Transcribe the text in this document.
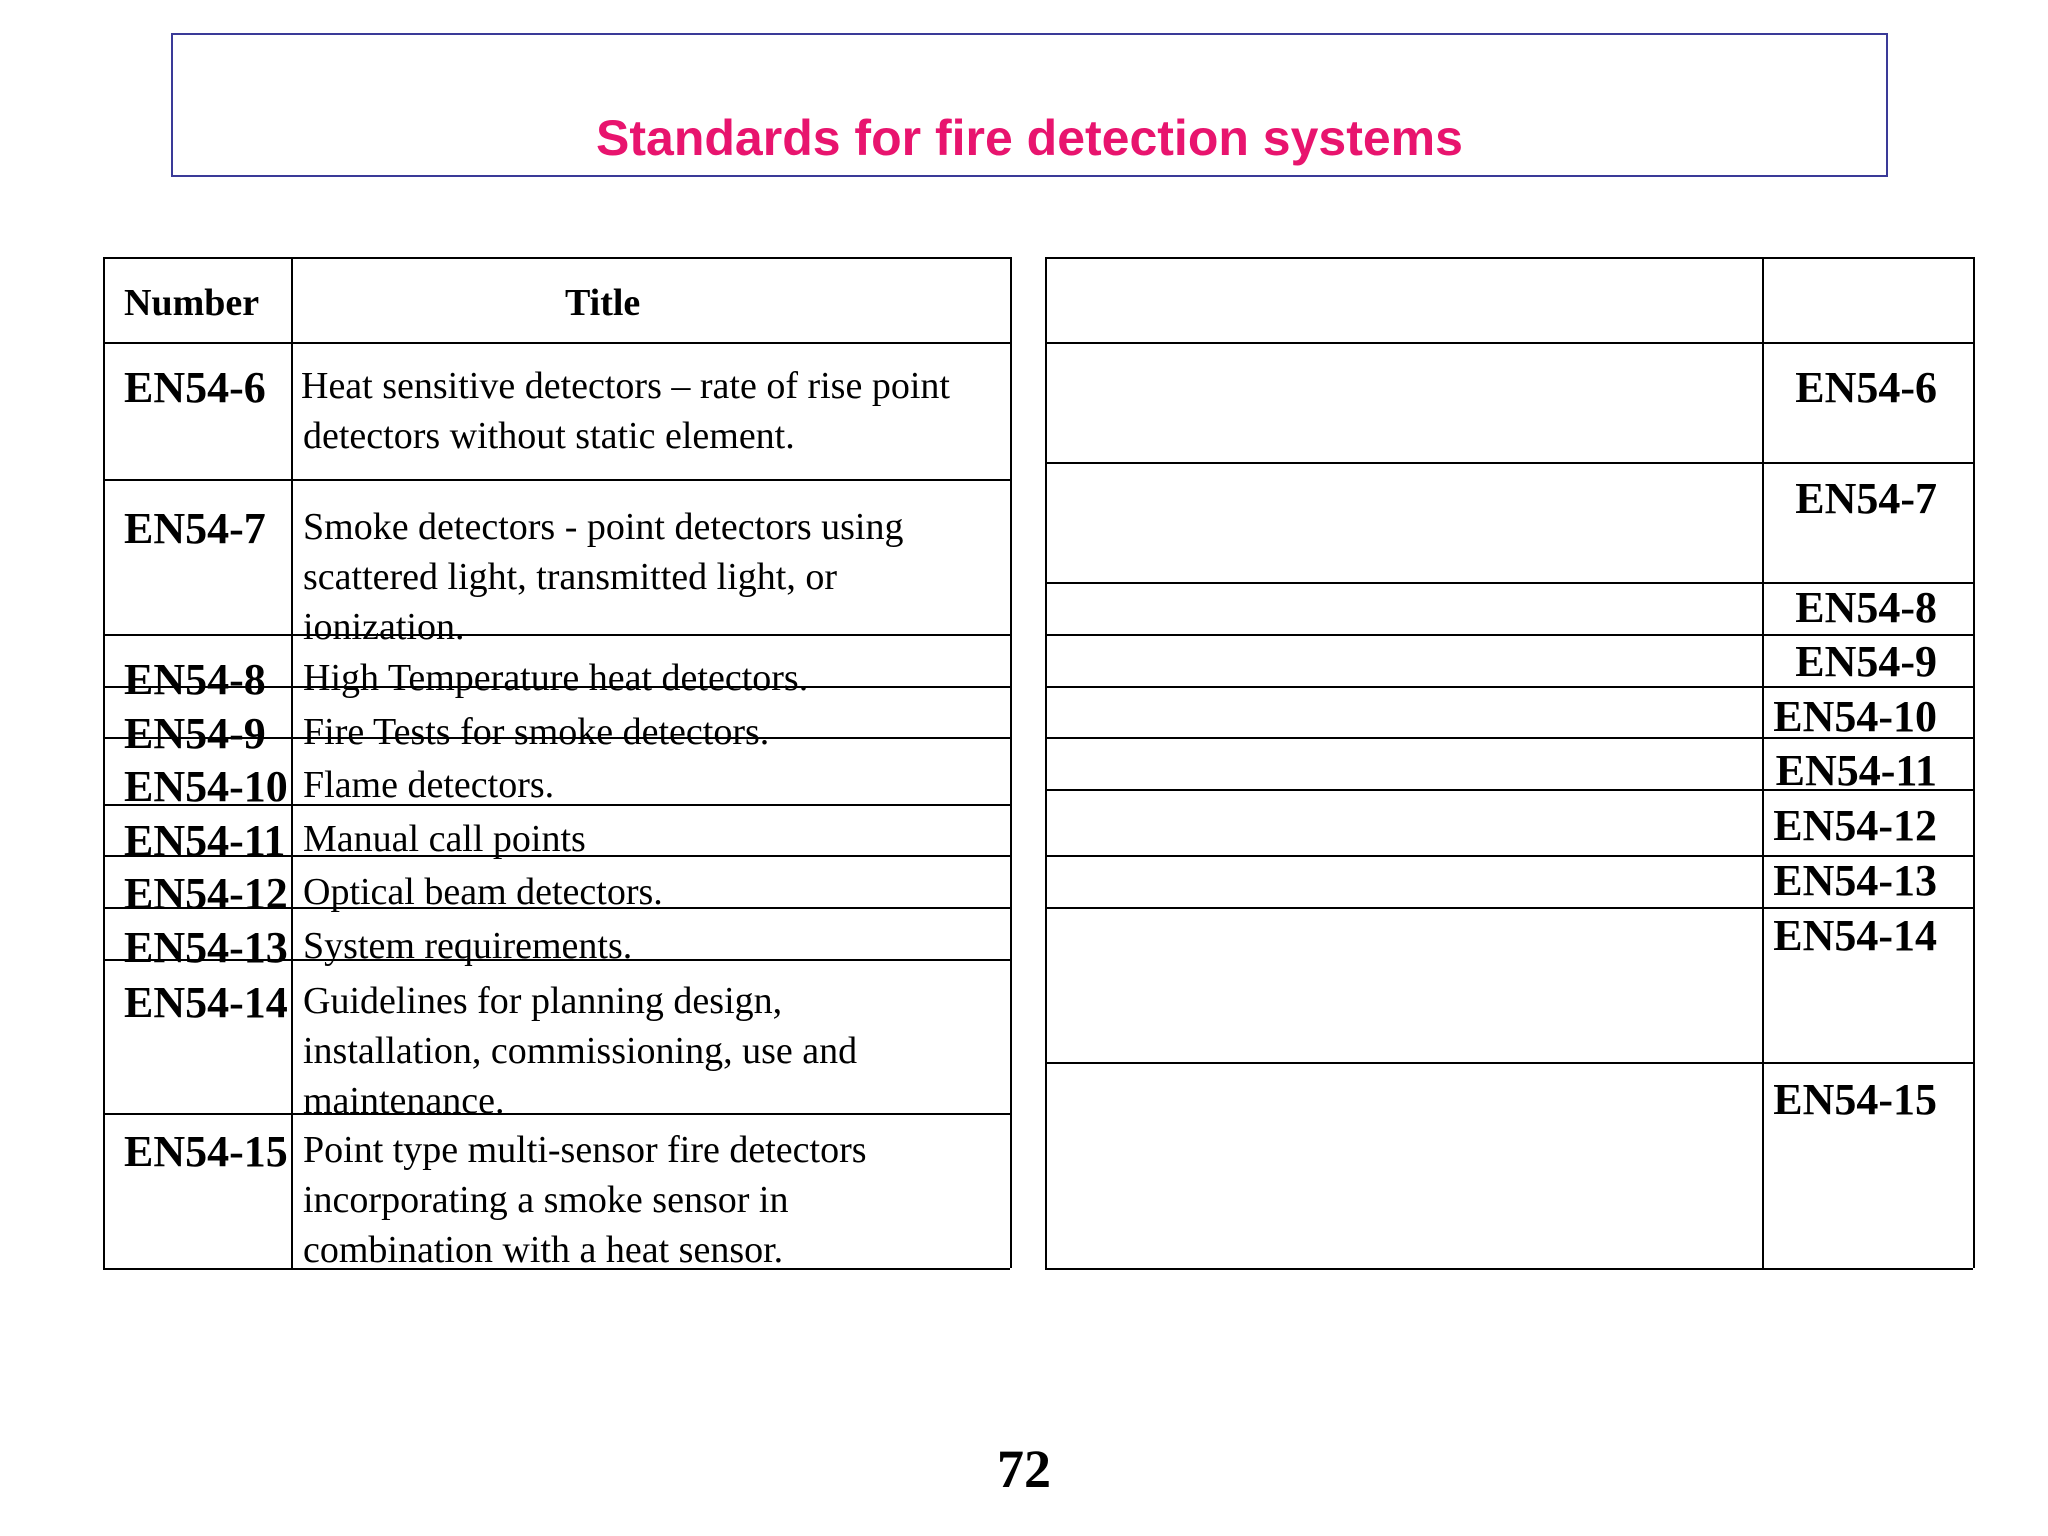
Standards for fire detection systems
Number	Title
EN54-6 Heat sensitive detectors – rate of rise point
detectors without static element.
EN54-7 Smoke detectors - point detectors using
scattered light, transmitted light, or
ionization.
EN54-8 High Temperature heat detectors.
EN54-9 Fire Tests for smoke detectors.
EN54-10 Flame detectors.
EN54-11 Manual call points
EN54-12 Optical beam detectors.
EN54-13 System requirements.
EN54-14 Guidelines for planning design,
installation, commissioning, use and
maintenance.
EN54-15 Point type multi-sensor fire detectors
incorporating a smoke sensor in
combination with a heat sensor.
EN54-6
EN54-7
EN54-8
EN54-9
EN54-10
EN54-11
EN54-12
EN54-13
EN54-14
EN54-15
72
